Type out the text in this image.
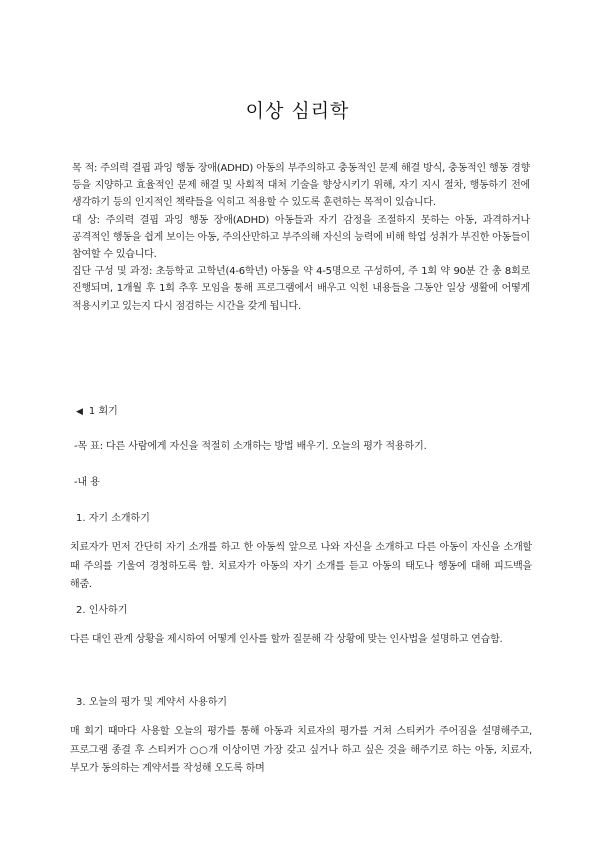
이상 심리학

목 적: 주의력 결핍 과잉 행동 장애(ADHD) 아동의 부주의하고 충동적인 문제 해결 방식, 충동적인 행동 경향 등을 지양하고 효율적인 문제 해결 및 사회적 대처 기술을 향상시키기 위해, 자기 지시 절차, 행동하기 전에 생각하기 등의 인지적인 책략들을 익히고 적용할 수 있도록 훈련하는 목적이 있습니다.

대 상: 주의력 결핍 과잉 행동 장애(ADHD) 아동들과 자기 감정을 조절하지 못하는 아동, 과격하거나 공격적인 행동을 쉽게 보이는 아동, 주의산만하고 부주의해 자신의 능력에 비해 학업 성취가 부진한 아동들이 참여할 수 있습니다.

집단 구성 및 과정: 초등학교 고학년(4-6학년) 아동을 약 4-5명으로 구성하여, 주 1회 약 90분 간 총 8회로 진행되며, 1개월 후 1회 추후 모임을 통해 프로그램에서 배우고 익힌 내용들을 그동안 일상 생활에 어떻게 적용시키고 있는지 다시 점검하는 시간을 갖게 됩니다.

◀ 1 회기
-목 표: 다른 사람에게 자신을 적절히 소개하는 방법 배우기. 오늘의 평가 적용하기.
-내 용
1. 자기 소개하기

치료자가 먼저 간단히 자기 소개를 하고 한 아동씩 앞으로 나와 자신을 소개하고 다른 아동이 자신을 소개할 때 주의를 기울여 경청하도록 함. 치료자가 아동의 자기 소개를 듣고 아동의 태도나 행동에 대해 피드백을 해줌.

2. 인사하기

다른 대인 관계 상황을 제시하여 어떻게 인사를 할까 질문해 각 상황에 맞는 인사법을 설명하고 연습함.

3. 오늘의 평가 및 계약서 사용하기

매 회기 때마다 사용할 오늘의 평가를 통해 아동과 치료자의 평가를 거쳐 스티커가 주어짐을 설명해주고, 프로그램 종결 후 스티커가 ○○개 이상이면 가장 갖고 싶거나 하고 싶은 것을 해주기로 하는 아동, 치료자, 부모가 동의하는 계약서를 작성해 오도록 하며
